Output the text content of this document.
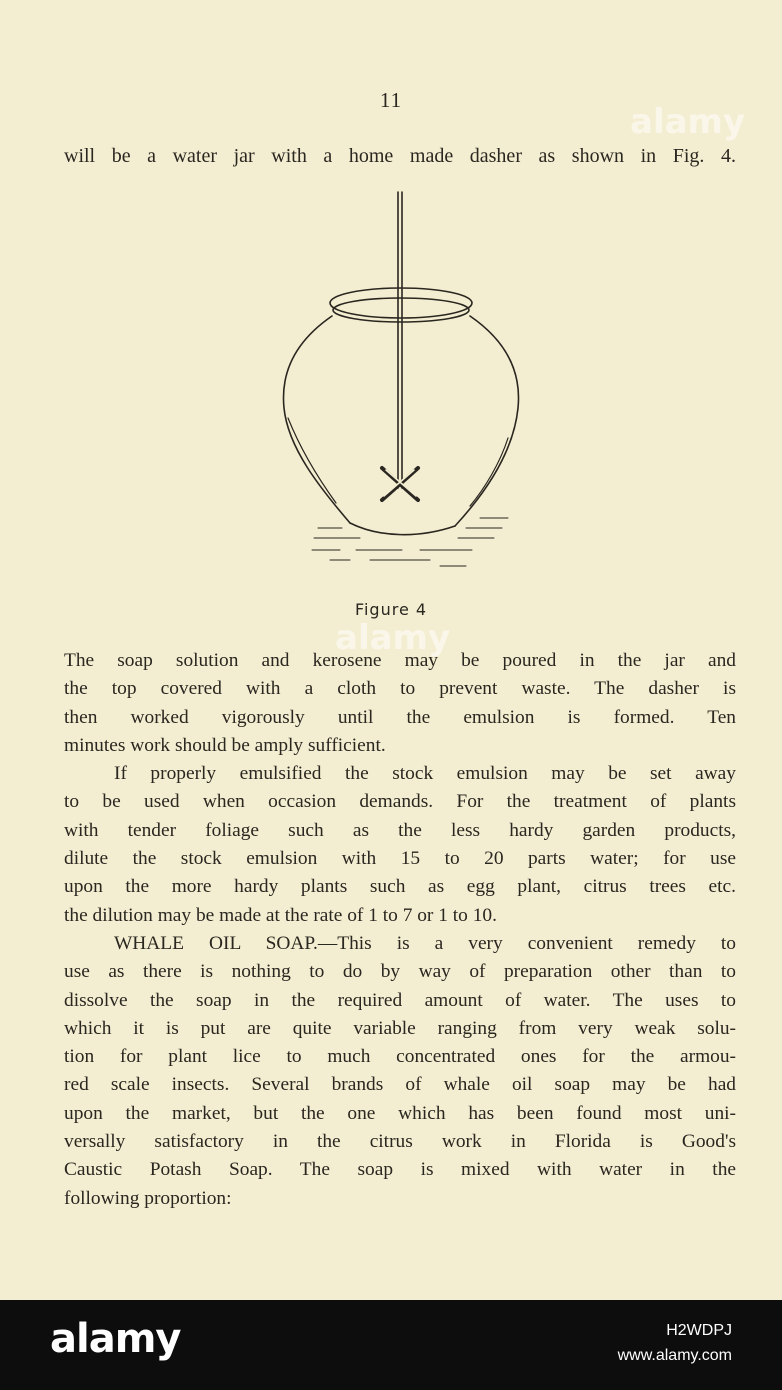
11
will be a water jar with a home made dasher as shown in Fig. 4.
Figure 4

The soap solution and kerosene may be poured in the jar and
the top covered with a cloth to prevent waste. The dasher is
then worked vigorously until the emulsion is formed. Ten
minutes work should be amply sufficient.

If properly emulsified the stock emulsion may be set away
to be used when occasion demands. For the treatment of plants
with tender foliage such as the less hardy garden products,
dilute the stock emulsion with 15 to 20 parts water; for use
upon the more hardy plants such as egg plant, citrus trees etc.
the dilution may be made at the rate of 1 to 7 or 1 to 10.

WHALE OIL SOAP.—This is a very convenient remedy to
use as there is nothing to do by way of preparation other than to
dissolve the soap in the required amount of water. The uses to
which it is put are quite variable ranging from very weak solu-
tion for plant lice to much concentrated ones for the armou-
red scale insects. Several brands of whale oil soap may be had
upon the market, but the one which has been found most uni-
versally satisfactory in the citrus work in Florida is Good's
Caustic Potash Soap. The soap is mixed with water in the
following proportion:

alamy
alamy
alamy	H2WDPJ
www.alamy.com
